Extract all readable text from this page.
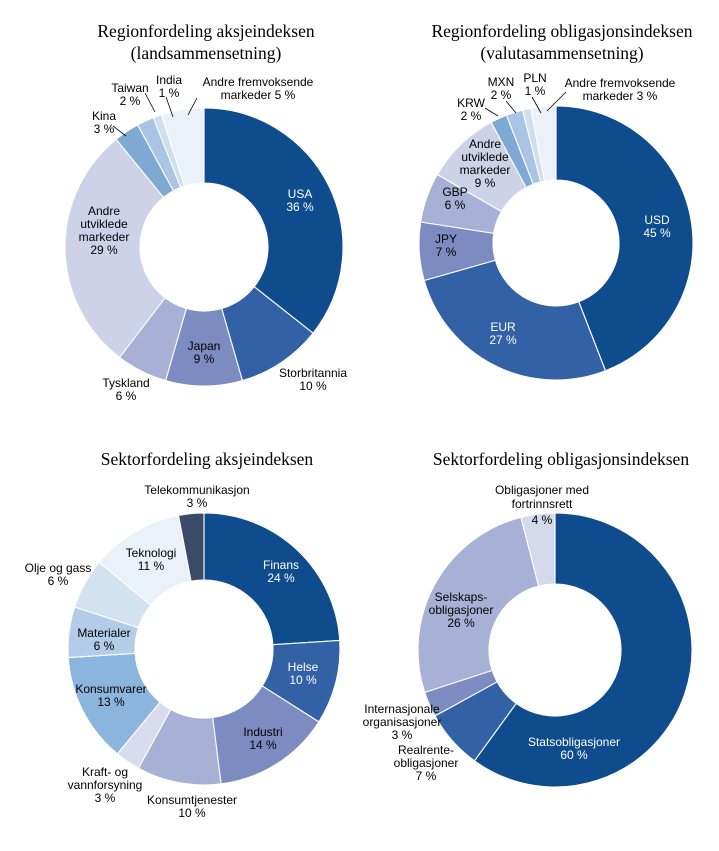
Regionfordeling aksjeindeksen
(landsammensetning)
Regionfordeling obligasjonsindeksen
(valutasammensetning)
Sektorfordeling aksjeindeksen	Sektorfordeling obligasjonsindeksen
USA
36 %
Storbritannia
10 %
Japan
9 %
Tyskland
6 %
Andre
utviklede
markeder
29 %
Kina
3 %
Taiwan
2 %
India
1 %
Andre fremvoksende
markeder 5 %
USD
45 %
EUR
27 %
JPY
7 %
GBP
6 %
Andre
utviklede
markeder
9 %
KRW
2 %
MXN
2 %
PLN
1 %
Andre fremvoksende
markeder 3 %
Finans
24 %
Helse
10 %
Industri
14 %
Konsumtjenester
10 %
Kraft- og
vannforsyning
3 %
Konsumvarer
13 %
Materialer
6 %
Olje og gass
6 %
Teknologi
11 %
Telekommunikasjon
3 %
Statsobligasjoner
60 %
Realrente-
obligasjoner
7 %
Internasjonale
organisasjoner
3 %
Selskaps-
obligasjoner
26 %
Obligasjoner med
fortrinnsrett
4 %
